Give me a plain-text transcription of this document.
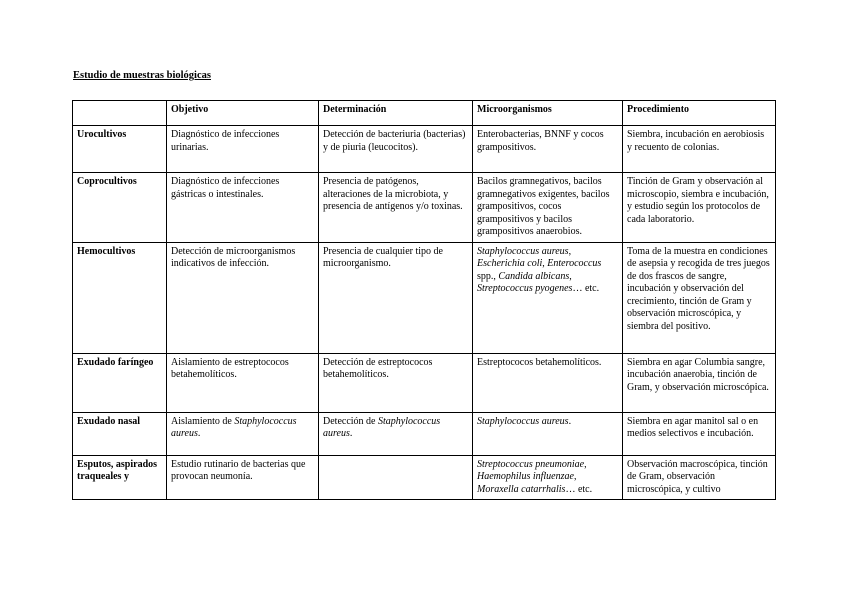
Estudio de muestras biológicas
	Objetivo	Determinación	Microorganismos	Procedimiento
Urocultivos	Diagnóstico de infecciones urinarias.	Detección de bacteriuria (bacterias) y de piuria (leucocitos).	Enterobacterias, BNNF y cocos grampositivos.	Siembra, incubación en aerobiosis y recuento de colonias.
Coprocultivos	Diagnóstico de infecciones gástricas o intestinales.	Presencia de patógenos, alteraciones de la microbiota, y presencia de antígenos y/o toxinas.	Bacilos gramnegativos, bacilos gramnegativos exigentes, bacilos grampositivos, cocos grampositivos y bacilos grampositivos anaerobios.	Tinción de Gram y observación al microscopio, siembra e incubación, y estudio según los protocolos de cada laboratorio.
Hemocultivos	Detección de microorganismos indicativos de infección.	Presencia de cualquier tipo de microorganismo.	Staphylococcus aureus, Escherichia coli, Enterococcus spp., Candida albicans, Streptococcus pyogenes… etc.	Toma de la muestra en condiciones de asepsia y recogida de tres juegos de dos frascos de sangre, incubación y observación del crecimiento, tinción de Gram y observación microscópica, y siembra del positivo.
Exudado faríngeo	Aislamiento de estreptococos betahemolíticos.	Detección de estreptococos betahemolíticos.	Estreptococos betahemolíticos.	Siembra en agar Columbia sangre, incubación anaerobia, tinción de Gram, y observación microscópica.
Exudado nasal	Aislamiento de Staphylococcus aureus.	Detección de Staphylococcus aureus.	Staphylococcus aureus.	Siembra en agar manitol sal o en medios selectivos e incubación.
Esputos, aspirados traqueales y	Estudio rutinario de bacterias que provocan neumonía.		Streptococcus pneumoniae, Haemophilus influenzae, Moraxella catarrhalis… etc.	Observación macroscópica, tinción de Gram, observación microscópica, y cultivo
